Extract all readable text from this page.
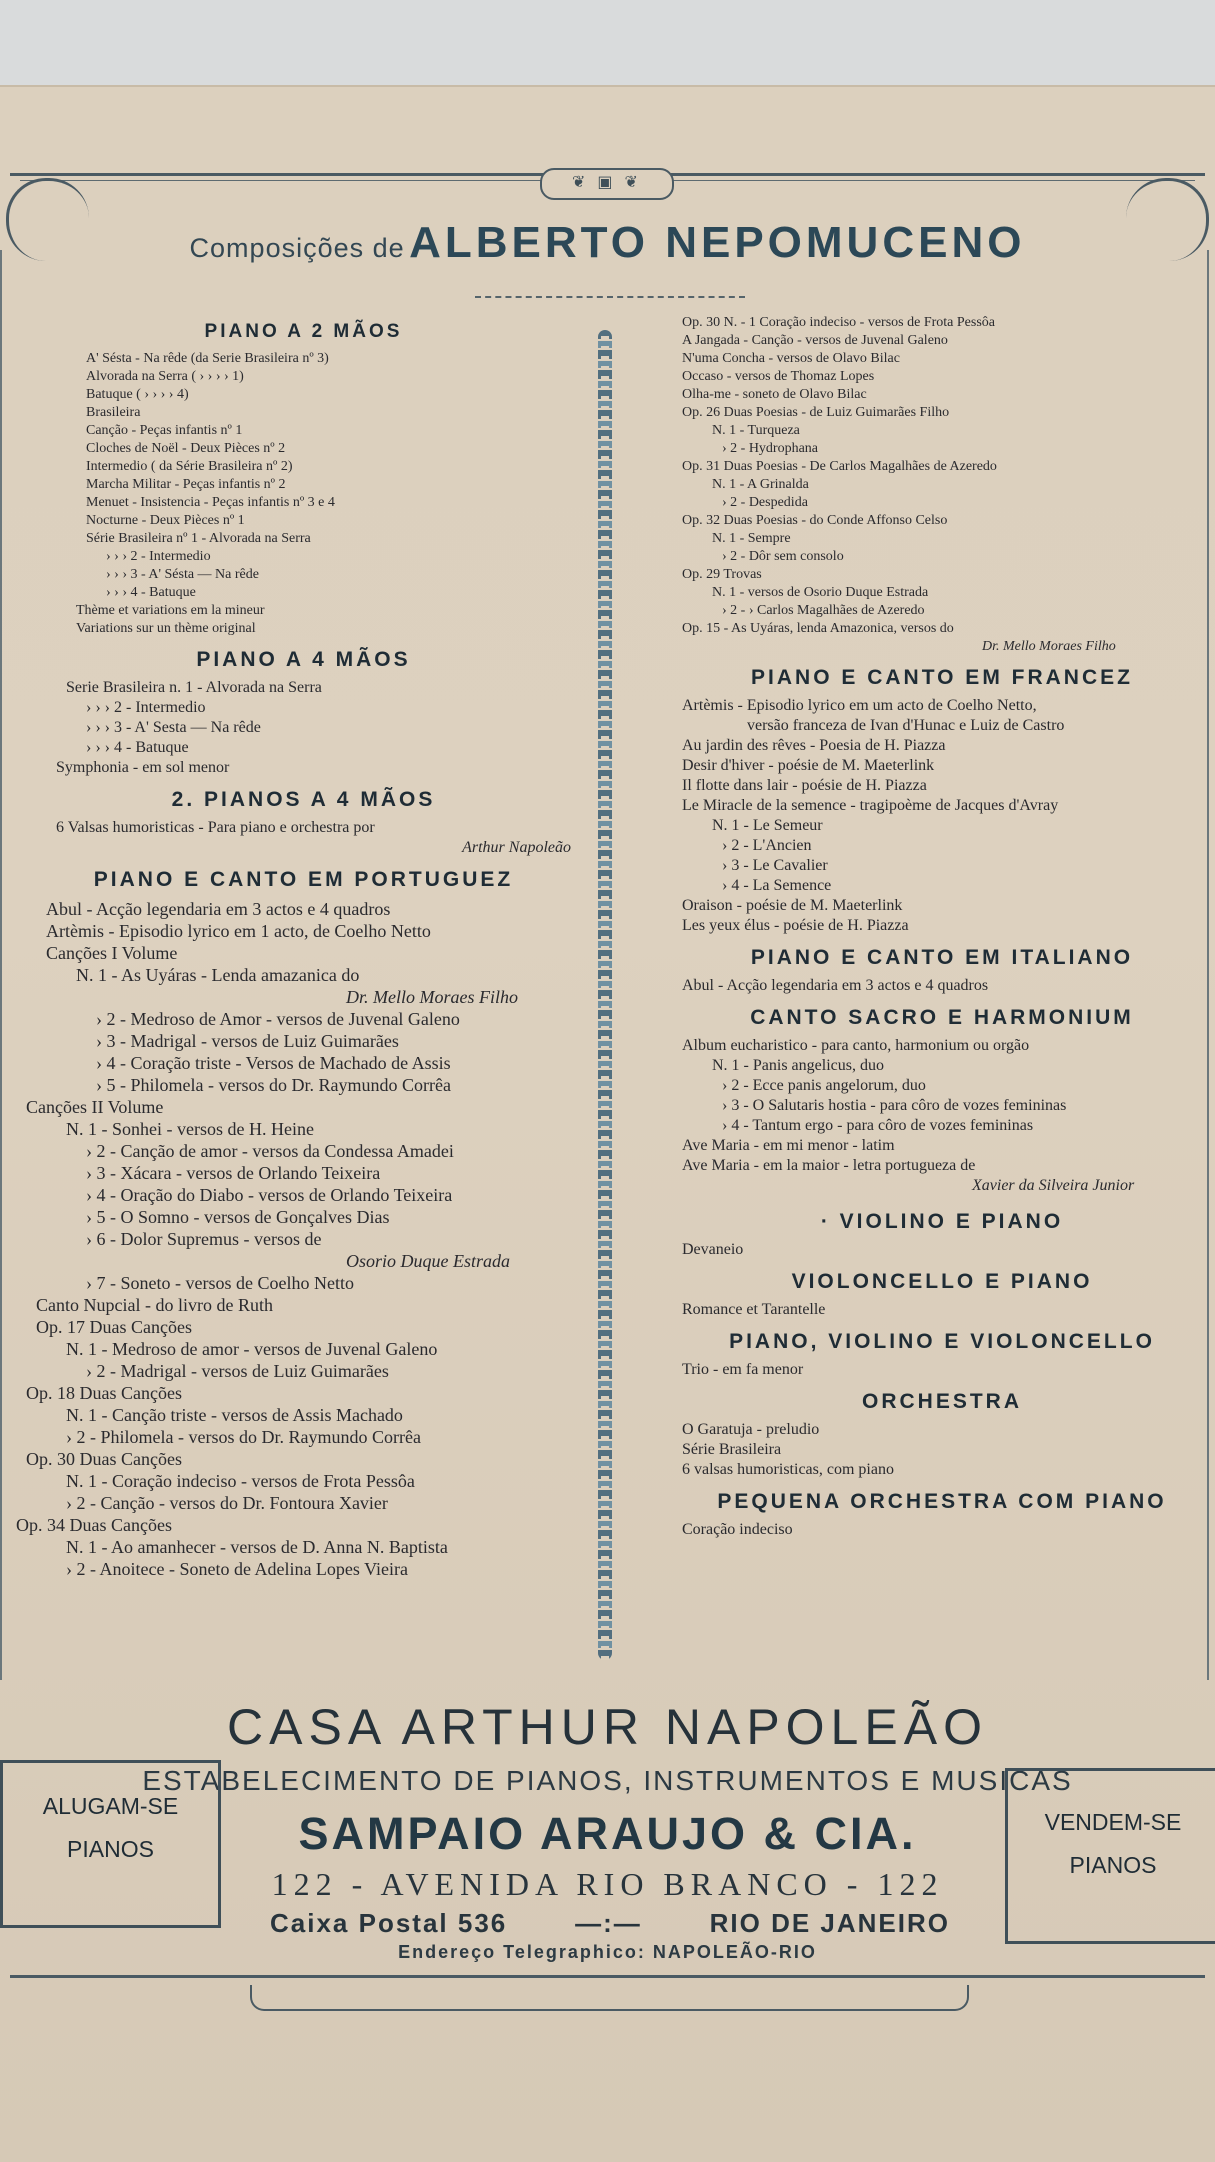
❦ ▣ ❦
Composições de ALBERTO NEPOMUCENO
PIANO A 2 MÃOS
A' Sésta - Na rêde (da Serie Brasileira nº 3)
Alvorada na Serra ( › › › › 1)
Batuque ( › › › › 4)
Brasileira
Canção - Peças infantis nº 1
Cloches de Noël - Deux Pièces nº 2
Intermedio ( da Série Brasileira nº 2)
Marcha Militar - Peças infantis nº 2
Menuet - Insistencia - Peças infantis nº 3 e 4
Nocturne - Deux Pièces nº 1
Série Brasileira nº 1 - Alvorada na Serra
› › › 2 - Intermedio
› › › 3 - A' Sésta — Na rêde
› › › 4 - Batuque
Thème et variations em la mineur
Variations sur un thème original
PIANO A 4 MÃOS
Serie Brasileira n. 1 - Alvorada na Serra
› › › 2 - Intermedio
› › › 3 - A' Sesta — Na rêde
› › › 4 - Batuque
Symphonia - em sol menor
2. PIANOS A 4 MÃOS
6 Valsas humoristicas - Para piano e orchestra por
Arthur Napoleão
PIANO E CANTO EM PORTUGUEZ
Abul - Acção legendaria em 3 actos e 4 quadros
Artèmis - Episodio lyrico em 1 acto, de Coelho Netto
Canções I Volume
N. 1 - As Uyáras - Lenda amazanica do
Dr. Mello Moraes Filho
› 2 - Medroso de Amor - versos de Juvenal Galeno
› 3 - Madrigal - versos de Luiz Guimarães
› 4 - Coração triste - Versos de Machado de Assis
› 5 - Philomela - versos do Dr. Raymundo Corrêa
Canções II Volume
N. 1 - Sonhei - versos de H. Heine
› 2 - Canção de amor - versos da Condessa Amadei
› 3 - Xácara - versos de Orlando Teixeira
› 4 - Oração do Diabo - versos de Orlando Teixeira
› 5 - O Somno - versos de Gonçalves Dias
› 6 - Dolor Supremus - versos de
Osorio Duque Estrada
› 7 - Soneto - versos de Coelho Netto
Canto Nupcial - do livro de Ruth
Op. 17 Duas Canções
N. 1 - Medroso de amor - versos de Juvenal Galeno
› 2 - Madrigal - versos de Luiz Guimarães
Op. 18 Duas Canções
N. 1 - Canção triste - versos de Assis Machado
› 2 - Philomela - versos do Dr. Raymundo Corrêa
Op. 30 Duas Canções
N. 1 - Coração indeciso - versos de Frota Pessôa
› 2 - Canção - versos do Dr. Fontoura Xavier
Op. 34 Duas Canções
N. 1 - Ao amanhecer - versos de D. Anna N. Baptista
› 2 - Anoitece - Soneto de Adelina Lopes Vieira
Op. 30 N. - 1 Coração indeciso - versos de Frota Pessôa
A Jangada - Canção - versos de Juvenal Galeno
N'uma Concha - versos de Olavo Bilac
Occaso - versos de Thomaz Lopes
Olha-me - soneto de Olavo Bilac
Op. 26 Duas Poesias - de Luiz Guimarães Filho
N. 1 - Turqueza
› 2 - Hydrophana
Op. 31 Duas Poesias - De Carlos Magalhães de Azeredo
N. 1 - A Grinalda
› 2 - Despedida
Op. 32 Duas Poesias - do Conde Affonso Celso
N. 1 - Sempre
› 2 - Dôr sem consolo
Op. 29 Trovas
N. 1 - versos de Osorio Duque Estrada
› 2 - › Carlos Magalhães de Azeredo
Op. 15 - As Uyáras, lenda Amazonica, versos do
Dr. Mello Moraes Filho
PIANO E CANTO EM FRANCEZ
Artèmis - Episodio lyrico em um acto de Coelho Netto,
versão franceza de Ivan d'Hunac e Luiz de Castro
Au jardin des rêves - Poesia de H. Piazza
Desir d'hiver - poésie de M. Maeterlink
Il flotte dans lair - poésie de H. Piazza
Le Miracle de la semence - tragipoème de Jacques d'Avray
N. 1 - Le Semeur
› 2 - L'Ancien
› 3 - Le Cavalier
› 4 - La Semence
Oraison - poésie de M. Maeterlink
Les yeux élus - poésie de H. Piazza
PIANO E CANTO EM ITALIANO
Abul - Acção legendaria em 3 actos e 4 quadros
CANTO SACRO E HARMONIUM
Album eucharistico - para canto, harmonium ou orgão
N. 1 - Panis angelicus, duo
› 2 - Ecce panis angelorum, duo
› 3 - O Salutaris hostia - para côro de vozes femininas
› 4 - Tantum ergo - para côro de vozes femininas
Ave Maria - em mi menor - latim
Ave Maria - em la maior - letra portugueza de
Xavier da Silveira Junior
· VIOLINO E PIANO
Devaneio
VIOLONCELLO E PIANO
Romance et Tarantelle
PIANO, VIOLINO E VIOLONCELLO
Trio - em fa menor
ORCHESTRA
O Garatuja - preludio
Série Brasileira
6 valsas humoristicas, com piano
PEQUENA ORCHESTRA COM PIANO
Coração indeciso
CASA ARTHUR NAPOLEÃO
ESTABELECIMENTO DE PIANOS, INSTRUMENTOS E MUSICAS
SAMPAIO ARAUJO & CIA.
122 - AVENIDA RIO BRANCO - 122
Caixa Postal 536	—:—	RIO DE JANEIRO
Endereço Telegraphico: NAPOLEÃO-RIO
ALUGAM-SE
PIANOS
VENDEM-SE
PIANOS
